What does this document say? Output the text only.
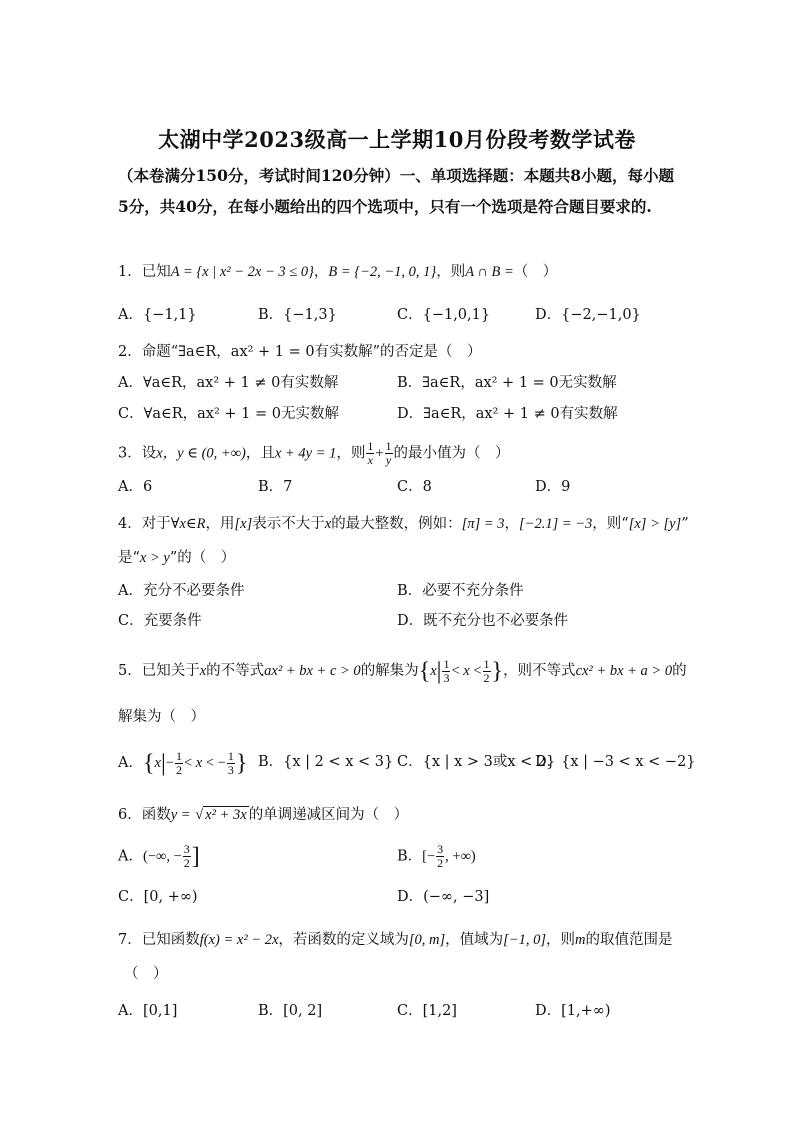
太湖中学2023级高一上学期10月份段考数学试卷
（本卷满分150分，考试时间120分钟）一、单项选择题：本题共8小题，每小题5分，共40分，在每小题给出的四个选项中，只有一个选项是符合题目要求的.
1．已知A = {x | x² − 2x − 3 ≤ 0}，B = {−2, −1, 0, 1}，则A ∩ B =（　）
A．{−1,1}	B．{−1,3}	C．{−1,0,1}	D．{−2,−1,0}
2．命题“∃a∈R，ax² + 1 = 0有实数解”的否定是（　）
A．∀a∈R，ax² + 1 ≠ 0有实数解	B．∃a∈R，ax² + 1 = 0无实数解
C．∀a∈R，ax² + 1 = 0无实数解	D．∃a∈R，ax² + 1 ≠ 0有实数解
3．设x，y ∈ (0, +∞)，且x + 4y = 1，则 $\frac{1}{x} + \frac{1}{y}$ 的最小值为（　）
A．6	B．7	C．8	D．9
4．对于∀x∈R，用[x]表示不大于x的最大整数，例如：[π] = 3，[−2.1] = −3，则“[x] > [y]”
是“x > y”的（　）
A．充分不必要条件	B．必要不充分条件
C．充要条件	D．既不充分也不必要条件
5．已知关于x的不等式ax² + bx + c > 0的解集为{$x| \frac{1}{3} < x < \frac{1}{2}$ }，则不等式cx² + bx + a > 0的
解集为（　）
A．{$x|- \frac{1}{2} < x$ < − $\frac{1}{3}$ } B．{x | 2 < x < 3} C．{x | x > 3或x < 2}
D．{x | −3 < x < −2}
6．函数y = √ x² + 3x 的单调递减区间为（　）
A．(−∞, − $\frac{3}{2}$ ]	B．[− $\frac{3}{2}$ , +∞)
C．[0, +∞)	D．(−∞, −3]
7．已知函数f(x) = x² − 2x，若函数的定义域为[0, m]，值域为[−1, 0]，则m的取值范围是
（　）
A．[0,1]	B．[0, 2]	C．[1,2]	D．[1,+∞)
